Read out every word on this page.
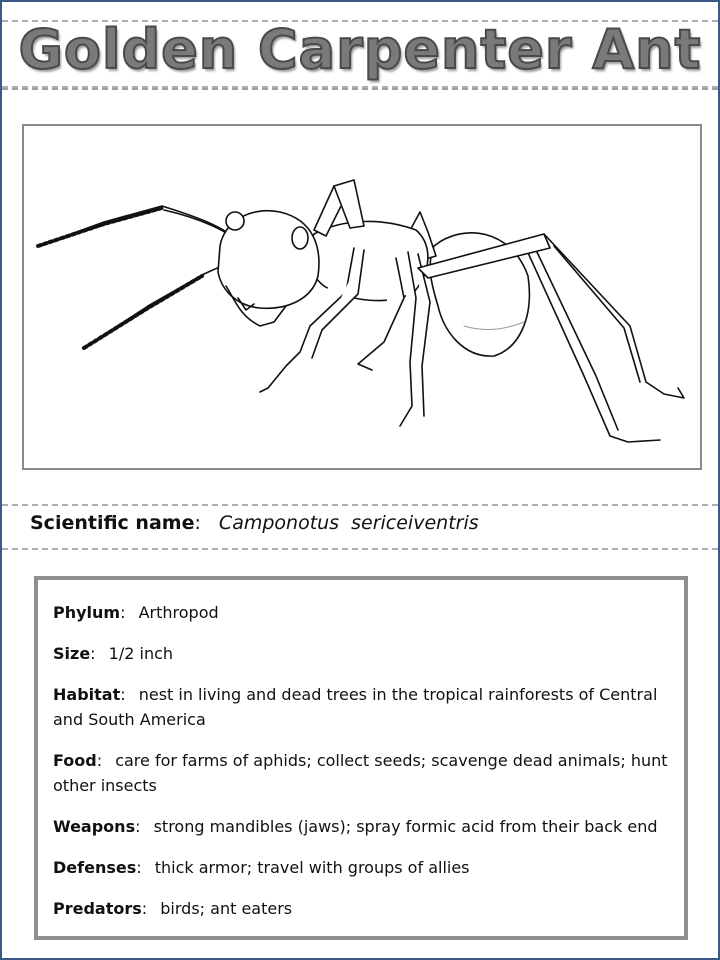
Golden Carpenter Ant
Scientific name: Camponotus sericeiventris
Phylum: Arthropod
Size: 1/2 inch
Habitat: nest in living and dead trees in the tropical rainforests of Central and South America
Food: care for farms of aphids; collect seeds; scavenge dead animals; hunt other insects
Weapons: strong mandibles (jaws); spray formic acid from their back end
Defenses: thick armor; travel with groups of allies
Predators: birds; ant eaters
